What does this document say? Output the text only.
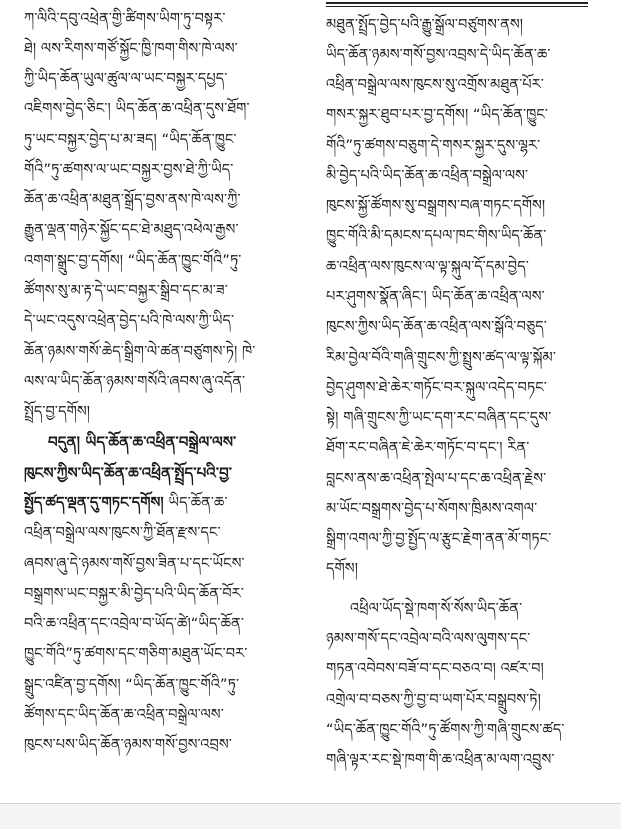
ཀ་ལིའི་དབུ་འཕྲེན་གྱི་ཚིགས་ཡིག་ཏུ་བསྟར་
ཐེ། ལས་རིགས་གཙོ་སྐྱོང་ཁྱི་ཁག་གིས་ཁེ་ལས་
ཀྱི་ཡིད་ཆོན་ཡུལ་ཚུལ་ལ་ཡང་བསྐྱར་དཔྱད་
འཇིགས་བྱེད་ཅིང་། ཡིད་ཆོན་ཆ་འཕྲིན་དུས་ཐོག་
ཏུ་ཡང་བསྐྱར་བྱེད་པ་མ་ཟད། “ཡིད་ཆོན་ཁྱུང་
གོའི”ཏུ་ཚགས་ལ་ཡང་བསྐྱར་བྱས་ཐེ་ཀྱི་ཡིད་
ཆོན་ཆ་འཕྲིན་མཐུན་སྒྲོད་བྱས་ནས་ཁེ་ལས་ཀྱི་
རྒྱུན་ལྡན་གཉེར་སྐྱོང་དང་ཐེ་མཐུད་འཕེལ་རྒྱས་
འགག་སྒྲུང་བྱ་དགོས། “ཡིད་ཆོན་ཁྱུང་གོའི”ཏུ་
ཚོགས་སུ་མ་རྟ་དེ་ཡང་བསྐྱར་སྒྲིབ་དང་མ་ཟ་
དེ་ཡང་འདུས་འཕྲེན་བྱེད་པའི་ཁེ་ལས་ཀྱི་ཡིད་
ཆོན་ཉམས་གསོ་ཆེད་སྒྲིག་ལེ་ཚན་བཙུགས་ཏེ། ཁེ་
ལས་ལ་ཡིད་ཆོན་ཉམས་གསོའི་ཞབས་ཞུ་འདོན་
སྤྲོད་བྱ་དགོས།
བདུན། ཡིད་ཆོན་ཆ་འཕྲིན་བསྒྲེལ་ལས་
ཁུངས་ཀྱིས་ཡིད་ཆོན་ཆ་འཕྲིན་སྤྲོད་པའི་བྱ་
སྤྱོད་ཚད་ལྡན་དུ་གཏང་དགོས། ཡིད་ཆོན་ཆ་
འཕྲིན་བསྒྲེལ་ལས་ཁུངས་ཀྱི་ཐོན་རྫས་དང་
ཞབས་ཞུ་དེ་ཉམས་གསོ་བྱས་ཟིན་པ་དང་ཡོངས་
བསྒྲགས་ཡང་བསྐྱར་མི་བྱེད་པའི་ཡིད་ཆོན་བོར་
བའི་ཆ་འཕྲིན་དང་འབྲེལ་བ་ཡོད་ཚེ།“ཡིད་ཆོན་
ཁྱུང་གོའི”ཏུ་ཚགས་དང་གཅིག་མཐུན་ཡོང་བར་
སྒྲུང་འཛིན་བྱ་དགོས། “ཡིད་ཆོན་ཁྱུང་གོའི”ཏུ་
ཚོགས་དང་ཡིད་ཆོན་ཆ་འཕྲིན་བསྒྲེལ་ལས་
ཁུངས་པས་ཡིད་ཆོན་ཉམས་གསོ་བྱས་འབྲས་
མཐུན་སྤྲོད་བྱེད་པའི་རྒྱུ་སྒྲོལ་བཙུགས་ནས།
ཡིད་ཆོན་ཉམས་གསོ་བྱས་འབྲས་དེ་ཡིད་ཆོན་ཆ་
འཕྲིན་བསྒྲེལ་ལས་ཁུངས་སུ་འགྲོས་མཐུན་པོར་
གསར་སྐྱར་ཐུབ་པར་བྱ་དགོས། “ཡིད་ཆོན་ཁྱུང་
གོའི”ཏུ་ཚགས་བཅུག་དེ་གསར་སྐྱར་དུས་ལྷར་
མི་བྱེད་པའི་ཡིད་ཆོན་ཆ་འཕྲིན་བསྒྲེལ་ལས་
ཁུངས་སྐྱོ་ཚོགས་སུ་བསྒྲགས་བཞ་གཏང་དགོས།
ཁྱུང་གོའི་མི་དམངས་དཔལ་ཁང་གིས་ཡིད་ཆོན་
ཆ་འཕྲིན་ལས་ཁུངས་ལ་ལྟ་སྐུལ་དོ་དམ་བྱེད་
པར་ཤུགས་སྣོན་ཞིང་། ཡིད་ཆོན་ཆ་འཕྲིན་ལས་
ཁུངས་ཀྱིས་ཡིད་ཆོན་ཆ་འཕྲིན་ལས་སྒོའི་བཅུད་
རིམ་བྱེལ་བོའི་གཞི་གྲུངས་ཀྱི་སྤྲུས་ཚད་ལ་ལྟ་སྐོམ་
བྱེད་ཤུགས་ཐེ་ཆེར་གཏོང་བར་སྐུལ་འདེད་བཏང་
སྟེ། གཞི་གྲུངས་ཀྱི་ཡང་དག་རང་བཞིན་དང་དུས་
ཐོག་རང་བཞིན་ཇེ་ཆེར་གཏོང་བ་དང་། རིན་
བླངས་ནས་ཆ་འཕྲིན་སྤེལ་པ་དང་ཆ་འཕྲིན་རྗེས་
མ་ཡོང་བསྒྲགས་བྱེད་པ་སོགས་ཁྲིམས་འགལ་
སྒྲིག་འགལ་ཀྱི་བྱ་སྤྱོད་ལ་རྩུང་རྗེག་ནན་མོ་གཏང་
དགོས།
འཕྲིལ་ཡོད་སྡེ་ཁག་སོ་སོས་ཡིད་ཆོན་
ཉམས་གསོ་དང་འབྲེལ་བའི་ལས་ལུགས་དང་
གཏན་འབེབས་བཟོ་བ་དང་བཅའ་བ། འཛར་བ།
འགྲེལ་བ་བཅས་ཀྱི་བྱ་བ་ཡག་པོར་བསྒྲུབས་ཏེ།
“ཡིད་ཆོན་ཁྱུང་གོའི”ཏུ་ཚོགས་ཀྱི་གཞི་གྲུངས་ཚད་
གཞི་ལྟར་རང་སྡེ་ཁག་གི་ཆ་འཕྲིན་མ་ལག་འབྲུས་
